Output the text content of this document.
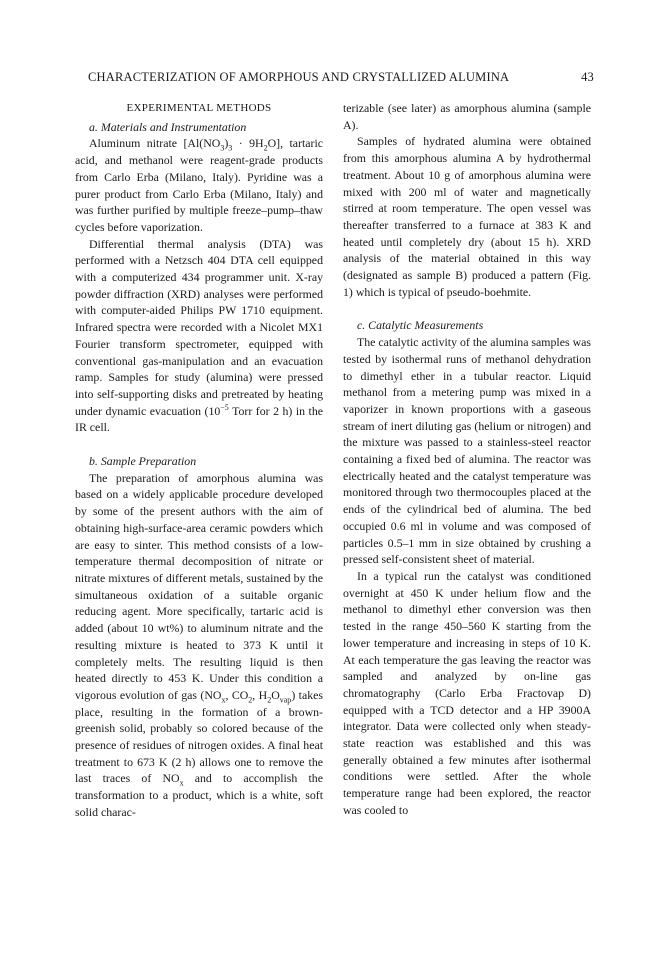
CHARACTERIZATION OF AMORPHOUS AND CRYSTALLIZED ALUMINA	43
EXPERIMENTAL METHODS

a. Materials and Instrumentation

Aluminum nitrate $[Al(NO_3)_3 \cdot 9H_2O]$, tartaric acid, and methanol were reagent-grade products from Carlo Erba (Milano, Italy). Pyridine was a purer product from Carlo Erba (Milano, Italy) and was further purified by multiple freeze–pump–thaw cycles before vaporization.

Differential thermal analysis (DTA) was performed with a Netzsch 404 DTA cell equipped with a computerized 434 programmer unit. X-ray powder diffraction (XRD) analyses were performed with computer-aided Philips PW 1710 equipment. Infrared spectra were recorded with a Nicolet MX1 Fourier transform spectrometer, equipped with conventional gas-manipulation and an evacuation ramp. Samples for study (alumina) were pressed into self-supporting disks and pretreated by heating under dynamic evacuation ($10^{-5}$ Torr for 2 h) in the IR cell.

b. Sample Preparation

The preparation of amorphous alumina was based on a widely applicable procedure developed by some of the present authors with the aim of obtaining high-surface-area ceramic powders which are easy to sinter. This method consists of a low-temperature thermal decomposition of nitrate or nitrate mixtures of different metals, sustained by the simultaneous oxidation of a suitable organic reducing agent. More specifically, tartaric acid is added (about 10 wt%) to aluminum nitrate and the resulting mixture is heated to 373 K until it completely melts. The resulting liquid is then heated directly to 453 K. Under this condition a vigorous evolution of gas ($NO_x$, $CO_2$, $H_2O_{vap}$) takes place, resulting in the formation of a brown-greenish solid, probably so colored because of the presence of residues of nitrogen oxides. A final heat treatment to 673 K (2 h) allows one to remove the last traces of $NO_x$ and to accomplish the transformation to a product, which is a white, soft solid charac-

terizable (see later) as amorphous alumina (sample A).

Samples of hydrated alumina were obtained from this amorphous alumina A by hydrothermal treatment. About 10 g of amorphous alumina were mixed with 200 ml of water and magnetically stirred at room temperature. The open vessel was thereafter transferred to a furnace at 383 K and heated until completely dry (about 15 h). XRD analysis of the material obtained in this way (designated as sample B) produced a pattern (Fig. 1) which is typical of pseudo-boehmite.

c. Catalytic Measurements

The catalytic activity of the alumina samples was tested by isothermal runs of methanol dehydration to dimethyl ether in a tubular reactor. Liquid methanol from a metering pump was mixed in a vaporizer in known proportions with a gaseous stream of inert diluting gas (helium or nitrogen) and the mixture was passed to a stainless-steel reactor containing a fixed bed of alumina. The reactor was electrically heated and the catalyst temperature was monitored through two thermocouples placed at the ends of the cylindrical bed of alumina. The bed occupied 0.6 ml in volume and was composed of particles 0.5–1 mm in size obtained by crushing a pressed self-consistent sheet of material.

In a typical run the catalyst was conditioned overnight at 450 K under helium flow and the methanol to dimethyl ether conversion was then tested in the range 450–560 K starting from the lower temperature and increasing in steps of 10 K. At each temperature the gas leaving the reactor was sampled and analyzed by on-line gas chromatography (Carlo Erba Fractovap D) equipped with a TCD detector and a HP 3900A integrator. Data were collected only when steady-state reaction was established and this was generally obtained a few minutes after isothermal conditions were settled. After the whole temperature range had been explored, the reactor was cooled to
